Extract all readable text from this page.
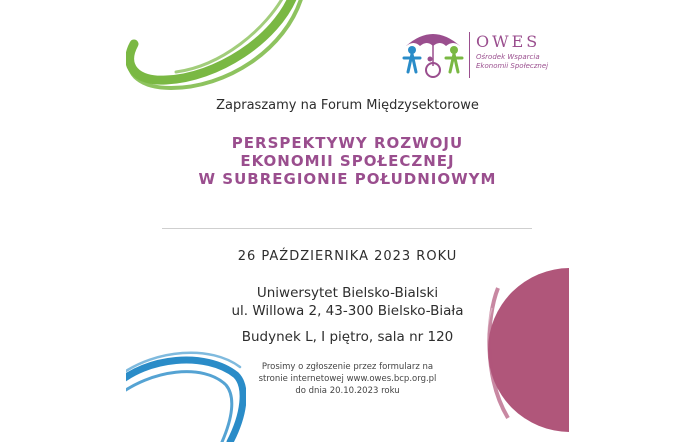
OWES
Ośrodek Wsparcia
Ekonomii Społecznej
Zapraszamy na Forum Międzysektorowe
PERSPEKTYWY ROZWOJU
EKONOMII SPOŁECZNEJ
W SUBREGIONIE POŁUDNIOWYM
26 PAŹDZIERNIKA 2023 ROKU
Uniwersytet Bielsko-Bialski
ul. Willowa 2, 43-300 Bielsko-Biała
Budynek L, I piętro, sala nr 120
Prosimy o zgłoszenie przez formularz na
stronie internetowej www.owes.bcp.org.pl
do dnia 20.10.2023 roku
